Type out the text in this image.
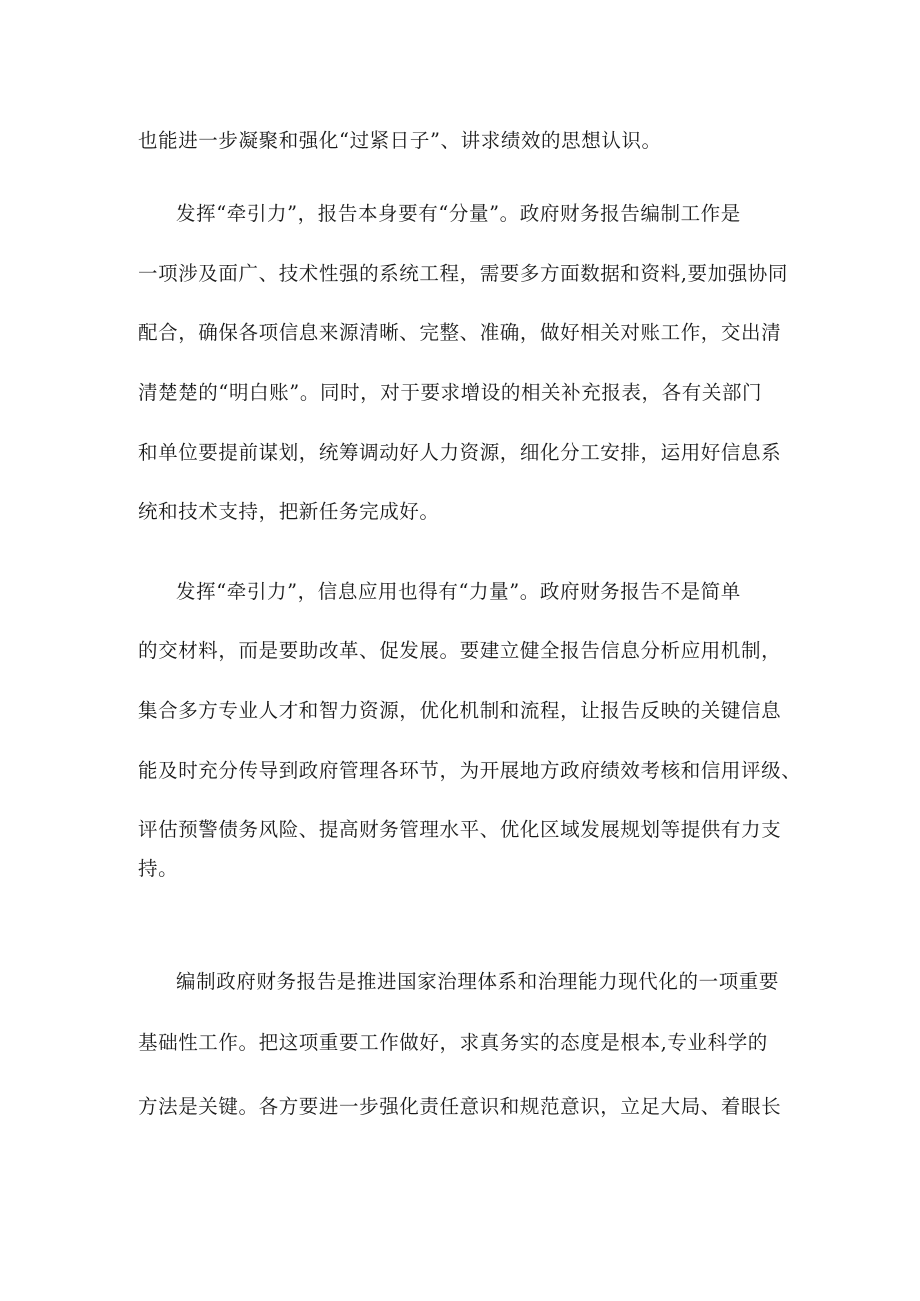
也能进一步凝聚和强化“过紧日子”、讲求绩效的思想认识。

发挥“牵引力”，报告本身要有“分量”。政府财务报告编制工作是

一项涉及面广、技术性强的系统工程，需要多方面数据和资料,要加强协同

配合，确保各项信息来源清晰、完整、准确，做好相关对账工作，交出清

清楚楚的“明白账”。同时，对于要求增设的相关补充报表，各有关部门

和单位要提前谋划，统筹调动好人力资源，细化分工安排，运用好信息系

统和技术支持，把新任务完成好。

发挥“牵引力”，信息应用也得有“力量”。政府财务报告不是简单

的交材料，而是要助改革、促发展。要建立健全报告信息分析应用机制，

集合多方专业人才和智力资源，优化机制和流程，让报告反映的关键信息

能及时充分传导到政府管理各环节，为开展地方政府绩效考核和信用评级、

评估预警债务风险、提高财务管理水平、优化区域发展规划等提供有力支

持。

编制政府财务报告是推进国家治理体系和治理能力现代化的一项重要

基础性工作。把这项重要工作做好，求真务实的态度是根本,专业科学的

方法是关键。各方要进一步强化责任意识和规范意识，立足大局、着眼长
